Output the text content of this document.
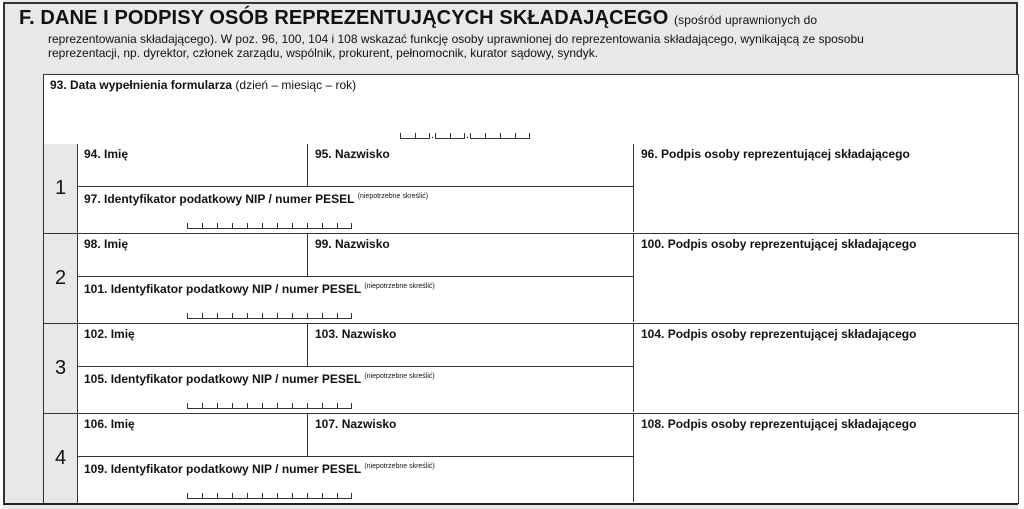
F. DANE I PODPISY OSÓB REPREZENTUJĄCYCH SKŁADAJĄCEGO (spośród uprawnionych do
reprezentowania składającego). W poz. 96, 100, 104 i 108 wskazać funkcję osoby uprawnionej do reprezentowania składającego, wynikającą ze sposobu
reprezentacji, np. dyrektor, członek zarządu, wspólnik, prokurent, pełnomocnik, kurator sądowy, syndyk.
93. Data wypełnienia formularza (dzień – miesiąc – rok)
.	.
1
94. Imię	95. Nazwisko
97. Identyfikator podatkowy NIP / numer PESEL $^{(niepotrzebne skreślić)}$
96. Podpis osoby reprezentującej składającego
2
98. Imię	99. Nazwisko
101. Identyfikator podatkowy NIP / numer PESEL $^{(niepotrzebne skreślić)}$
100. Podpis osoby reprezentującej składającego
3
102. Imię	103. Nazwisko
105. Identyfikator podatkowy NIP / numer PESEL $^{(niepotrzebne skreślić)}$
104. Podpis osoby reprezentującej składającego
4
106. Imię	107. Nazwisko
109. Identyfikator podatkowy NIP / numer PESEL $^{(niepotrzebne skreślić)}$
108. Podpis osoby reprezentującej składającego
